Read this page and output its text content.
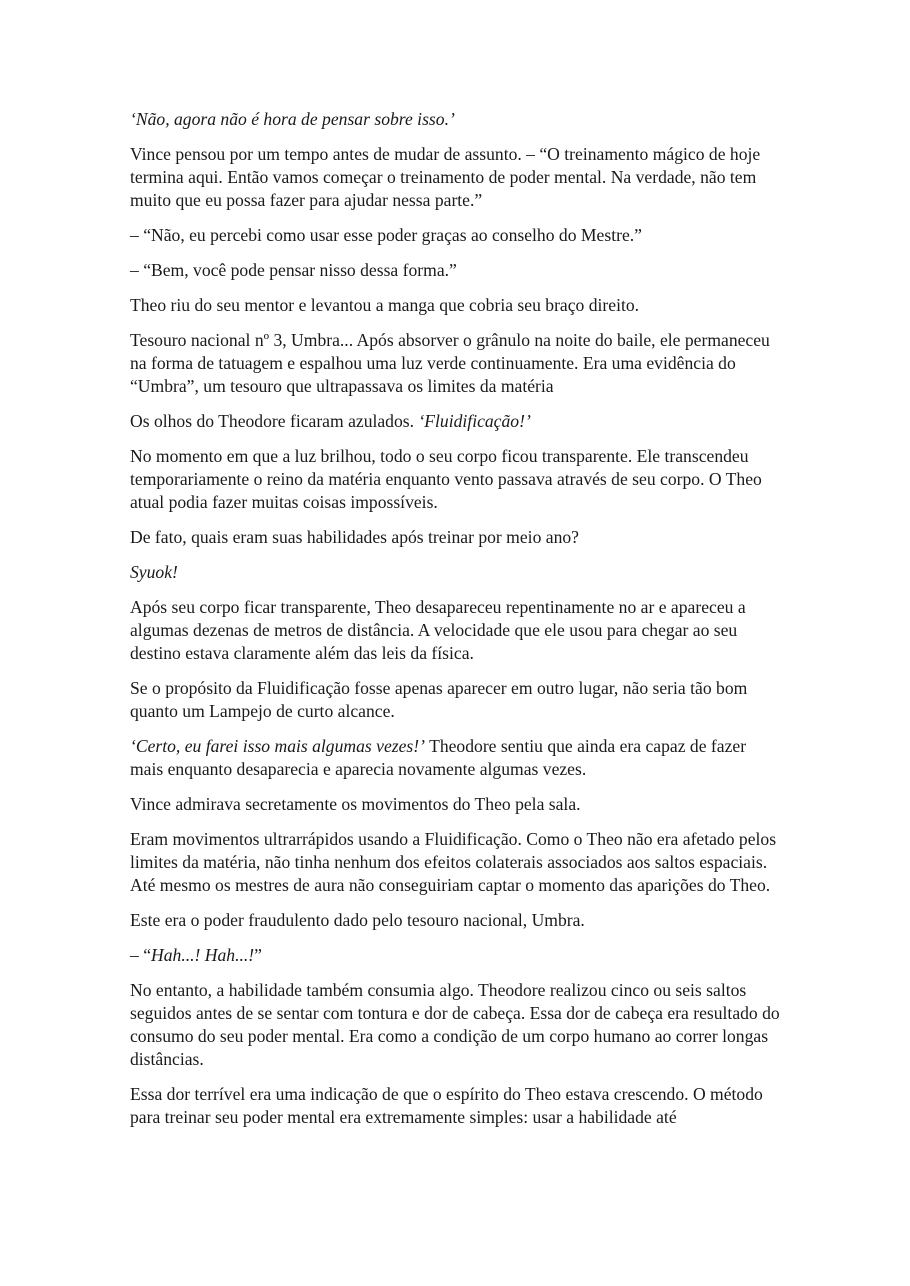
‘Não, agora não é hora de pensar sobre isso.’

Vince pensou por um tempo antes de mudar de assunto. – “O treinamento mágico de hoje termina aqui. Então vamos começar o treinamento de poder mental. Na verdade, não tem muito que eu possa fazer para ajudar nessa parte.”

– “Não, eu percebi como usar esse poder graças ao conselho do Mestre.”

– “Bem, você pode pensar nisso dessa forma.”

Theo riu do seu mentor e levantou a manga que cobria seu braço direito.

Tesouro nacional nº 3, Umbra... Após absorver o grânulo na noite do baile, ele permaneceu na forma de tatuagem e espalhou uma luz verde continuamente. Era uma evidência do “Umbra”, um tesouro que ultrapassava os limites da matéria

Os olhos do Theodore ficaram azulados. ‘Fluidificação!’

No momento em que a luz brilhou, todo o seu corpo ficou transparente. Ele transcendeu temporariamente o reino da matéria enquanto vento passava através de seu corpo. O Theo atual podia fazer muitas coisas impossíveis.

De fato, quais eram suas habilidades após treinar por meio ano?

Syuok!

Após seu corpo ficar transparente, Theo desapareceu repentinamente no ar e apareceu a algumas dezenas de metros de distância. A velocidade que ele usou para chegar ao seu destino estava claramente além das leis da física.

Se o propósito da Fluidificação fosse apenas aparecer em outro lugar, não seria tão bom quanto um Lampejo de curto alcance.

‘Certo, eu farei isso mais algumas vezes!’ Theodore sentiu que ainda era capaz de fazer mais enquanto desaparecia e aparecia novamente algumas vezes.

Vince admirava secretamente os movimentos do Theo pela sala.

Eram movimentos ultrarrápidos usando a Fluidificação. Como o Theo não era afetado pelos limites da matéria, não tinha nenhum dos efeitos colaterais associados aos saltos espaciais. Até mesmo os mestres de aura não conseguiriam captar o momento das aparições do Theo.

Este era o poder fraudulento dado pelo tesouro nacional, Umbra.

– “Hah...! Hah...!”

No entanto, a habilidade também consumia algo. Theodore realizou cinco ou seis saltos seguidos antes de se sentar com tontura e dor de cabeça. Essa dor de cabeça era resultado do consumo do seu poder mental. Era como a condição de um corpo humano ao correr longas distâncias.

Essa dor terrível era uma indicação de que o espírito do Theo estava crescendo. O método para treinar seu poder mental era extremamente simples: usar a habilidade até
